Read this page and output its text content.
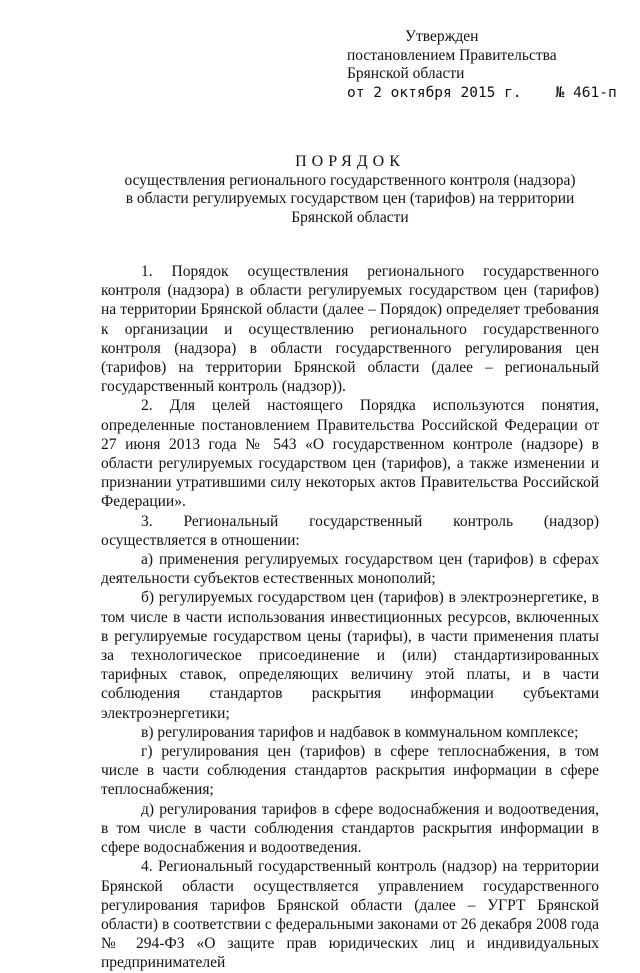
Утвержден
постановлением Правительства
Брянской области
от 2 октября 2015 г. № 461-п
ПОРЯДОК
осуществления регионального государственного контроля (надзора)
в области регулируемых государством цен (тарифов) на территории
Брянской области

1. Порядок осуществления регионального государственного контроля (надзора) в области регулируемых государством цен (тарифов) на территории Брянской области (далее – Порядок) определяет требования к организации и осуществлению регионального государственного контроля (надзора) в области государственного регулирования цен (тарифов) на территории Брянской области (далее – региональный государственный контроль (надзор)).

2. Для целей настоящего Порядка используются понятия, определенные постановлением Правительства Российской Федерации от 27 июня 2013 года № 543 «О государственном контроле (надзоре) в области регулируемых государством цен (тарифов), а также изменении и признании утратившими силу некоторых актов Правительства Российской Федерации».

3. Региональный государственный контроль (надзор) осуществляется в отношении:

а) применения регулируемых государством цен (тарифов) в сферах деятельности субъектов естественных монополий;

б) регулируемых государством цен (тарифов) в электроэнергетике, в том числе в части использования инвестиционных ресурсов, включенных в регулируемые государством цены (тарифы), в части применения платы за технологическое присоединение и (или) стандартизированных тарифных ставок, определяющих величину этой платы, и в части соблюдения стандартов раскрытия информации субъектами электроэнергетики;

в) регулирования тарифов и надбавок в коммунальном комплексе;

г) регулирования цен (тарифов) в сфере теплоснабжения, в том числе в части соблюдения стандартов раскрытия информации в сфере теплоснабжения;

д) регулирования тарифов в сфере водоснабжения и водоотведения, в том числе в части соблюдения стандартов раскрытия информации в сфере водоснабжения и водоотведения.

4. Региональный государственный контроль (надзор) на территории Брянской области осуществляется управлением государственного регулирования тарифов Брянской области (далее – УГРТ Брянской области) в соответствии с федеральными законами от 26 декабря 2008 года № 294-ФЗ «О защите прав юридических лиц и индивидуальных предпринимателей
